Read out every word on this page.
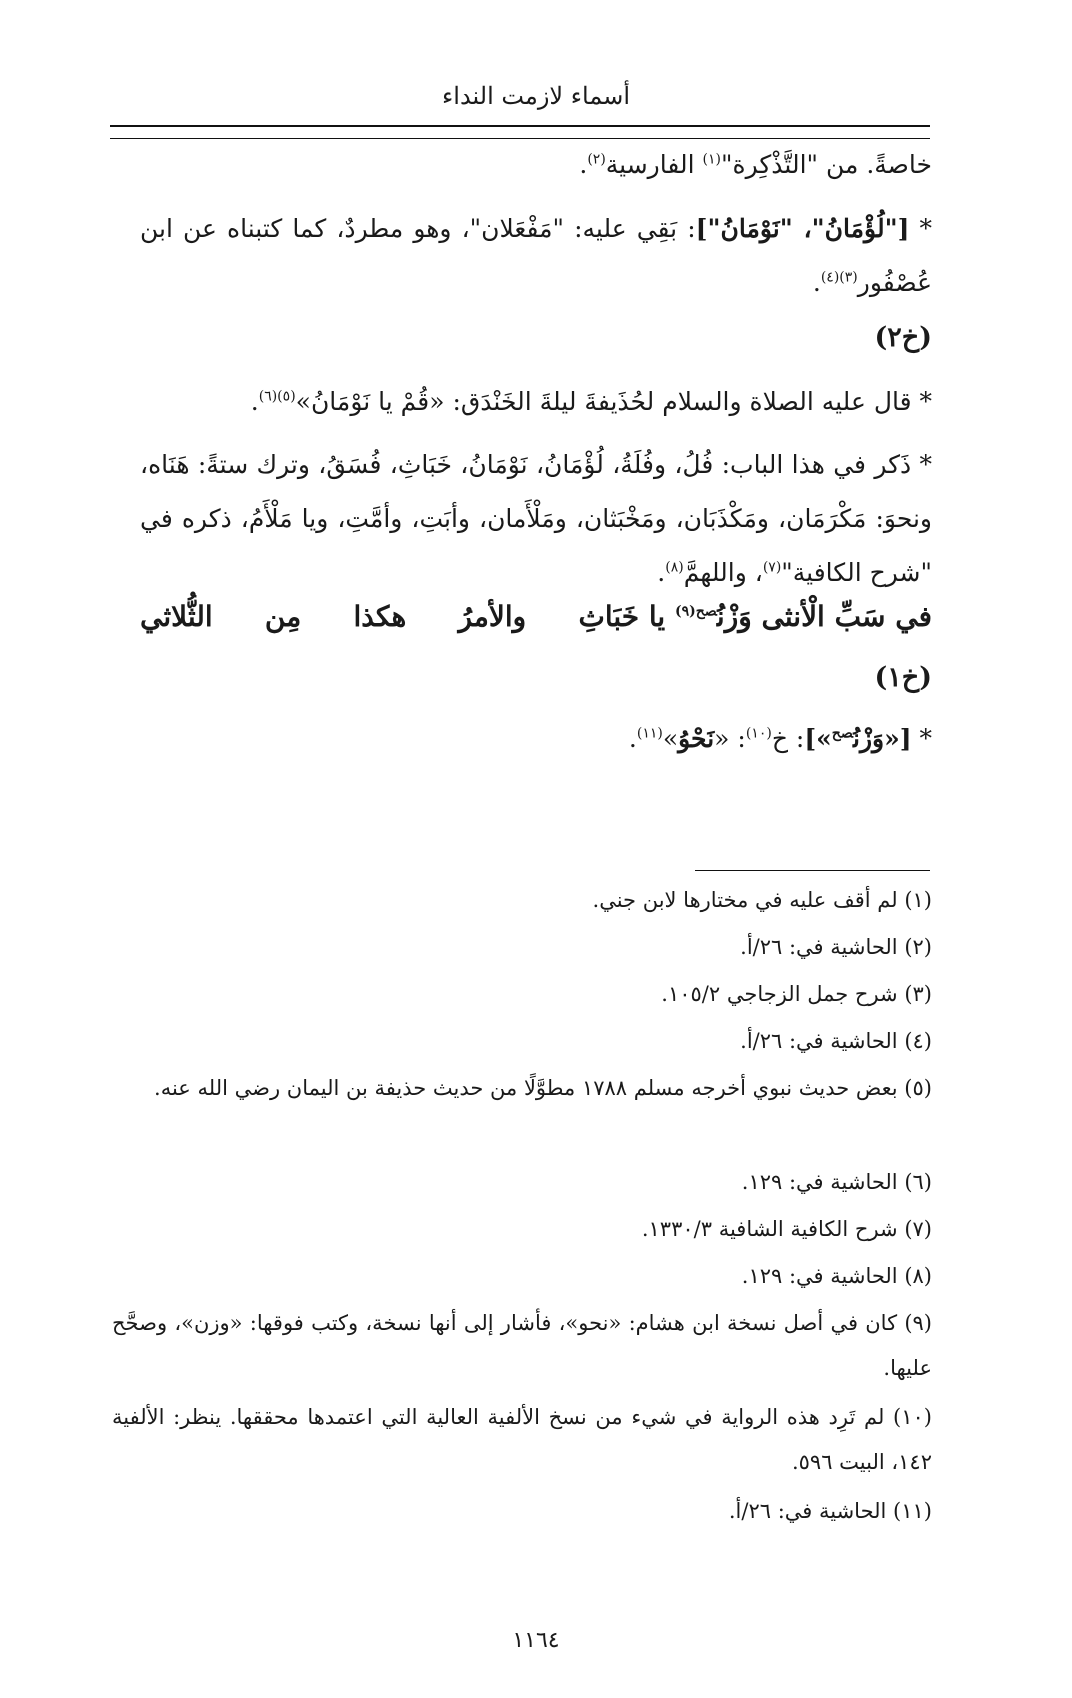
أسماء لازمت النداء
خاصةً. من "التَّذْكِرة"$^{(١)}$ الفارسية$^{(٢)}$.
* ["لُؤْمَانُ"، "نَوْمَانُ"]: بَقِي عليه: "مَفْعَلان"، وهو مطردٌ، كما كتبناه عن ابن عُصْفُور$^{(٣)(٤)}$.
(خ٢)
* قال عليه الصلاة والسلام لحُذَيفةَ ليلةَ الخَنْدَق: «قُمْ يا نَوْمَانُ»$^{(٥)(٦)}$.
* ذَكر في هذا الباب: فُلُ، وفُلَةُ، لُؤْمَانُ، نَوْمَانُ، خَبَاثِ، فُسَقُ، وترك ستةً: هَنَاه، ونحوَ: مَكْرَمَان، ومَكْذَبَان، ومَخْبَثان، ومَلْأَمان، وأبَتِ، وأمَّتِ، ويا مَلْأَمُ، ذكره في "شرح الكافية"$^{(٧)}$، واللهمَّ$^{(٨)}$.
في سَبِّ الْأنثى وَزْنُ$^{صح(٩)}$ يا خَبَاثِ
والأمرُ
هكذا
مِن
الثُّلاثي
(خ١)
* [«وَزْنُ$^{صح}$»]: خ$^{(١٠)}$: «نَحْوُ»$^{(١١)}$.
(١) لم أقف عليه في مختارها لابن جني.
(٢) الحاشية في: ٢٦/أ.
(٣) شرح جمل الزجاجي ١٠٥/٢.
(٤) الحاشية في: ٢٦/أ.
(٥) بعض حديث نبوي أخرجه مسلم ١٧٨٨ مطوَّلًا من حديث حذيفة بن اليمان رضي الله عنه.
(٦) الحاشية في: ١٢٩.
(٧) شرح الكافية الشافية ١٣٣٠/٣.
(٨) الحاشية في: ١٢٩.
(٩) كان في أصل نسخة ابن هشام: «نحو»، فأشار إلى أنها نسخة، وكتب فوقها: «وزن»، وصحَّح عليها.
(١٠) لم تَرِد هذه الرواية في شيء من نسخ الألفية العالية التي اعتمدها محققها. ينظر: الألفية ١٤٢، البيت ٥٩٦.
(١١) الحاشية في: ٢٦/أ.
١١٦٤
